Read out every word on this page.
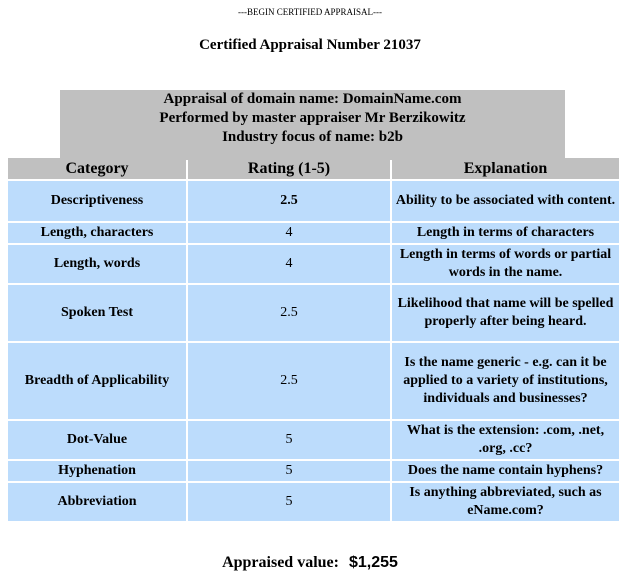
---BEGIN CERTIFIED APPRAISAL---
Certified Appraisal Number 21037
Appraisal of domain name: DomainName.com
Performed by master appraiser Mr Berzikowitz
Industry focus of name: b2b
Category	Rating (1-5)	Explanation
Descriptiveness	2.5	Ability to be associated with content.
Length, characters	4	Length in terms of characters
Length, words	4	Length in terms of words or partial words in the name.
Spoken Test	2.5	Likelihood that name will be spelled properly after being heard.
Breadth of Applicability	2.5	Is the name generic - e.g. can it be applied to a variety of institutions, individuals and businesses?
Dot-Value	5	What is the extension: .com, .net, .org, .cc?
Hyphenation	5	Does the name contain hyphens?
Abbreviation	5	Is anything abbreviated, such as eName.com?
Appraised value: $1,255
